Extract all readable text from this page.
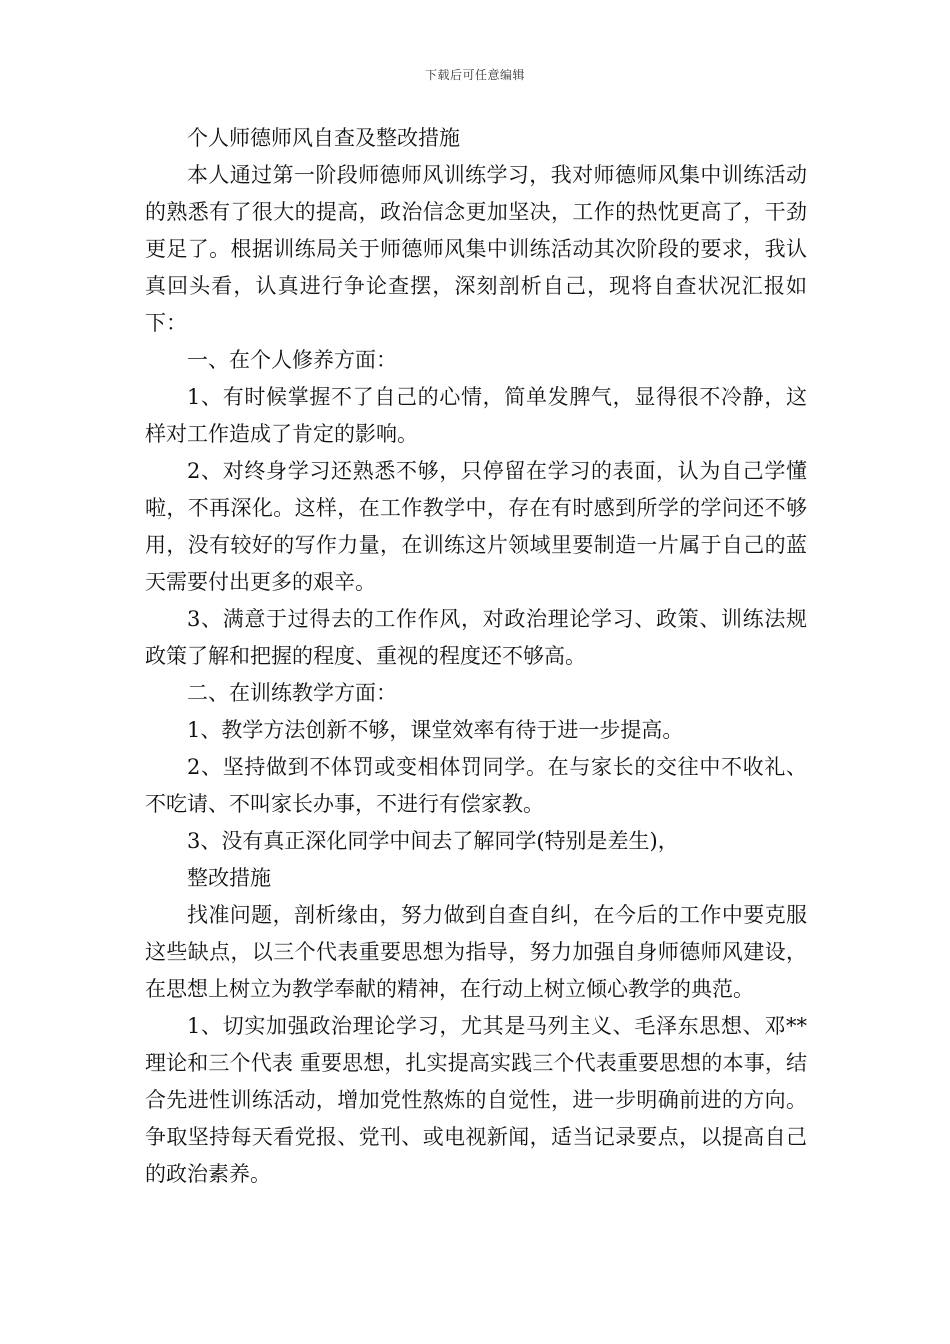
下载后可任意编辑

个人师德师风自查及整改措施

本人通过第一阶段师德师风训练学习，我对师德师风集中训练活动的熟悉有了很大的提高，政治信念更加坚决，工作的热忱更高了，干劲更足了。根据训练局关于师德师风集中训练活动其次阶段的要求，我认真回头看，认真进行争论查摆，深刻剖析自己，现将自查状况汇报如下：

一、在个人修养方面：

1、有时候掌握不了自己的心情，简单发脾气，显得很不冷静，这样对工作造成了肯定的影响。

2、对终身学习还熟悉不够，只停留在学习的表面，认为自己学懂啦，不再深化。这样，在工作教学中，存在有时感到所学的学问还不够用，没有较好的写作力量，在训练这片领域里要制造一片属于自己的蓝天需要付出更多的艰辛。

3、满意于过得去的工作作风，对政治理论学习、政策、训练法规政策了解和把握的程度、重视的程度还不够高。

二、在训练教学方面：

1、教学方法创新不够，课堂效率有待于进一步提高。

2、坚持做到不体罚或变相体罚同学。在与家长的交往中不收礼、不吃请、不叫家长办事，不进行有偿家教。

3、没有真正深化同学中间去了解同学(特别是差生)，

整改措施

找准问题，剖析缘由，努力做到自查自纠，在今后的工作中要克服这些缺点，以三个代表重要思想为指导，努力加强自身师德师风建设，在思想上树立为教学奉献的精神，在行动上树立倾心教学的典范。

1、切实加强政治理论学习，尤其是马列主义、毛泽东思想、邓**理论和三个代表 重要思想，扎实提高实践三个代表重要思想的本事，结合先进性训练活动，增加党性熬炼的自觉性，进一步明确前进的方向。争取坚持每天看党报、党刊、或电视新闻，适当记录要点，以提高自己的政治素养。
